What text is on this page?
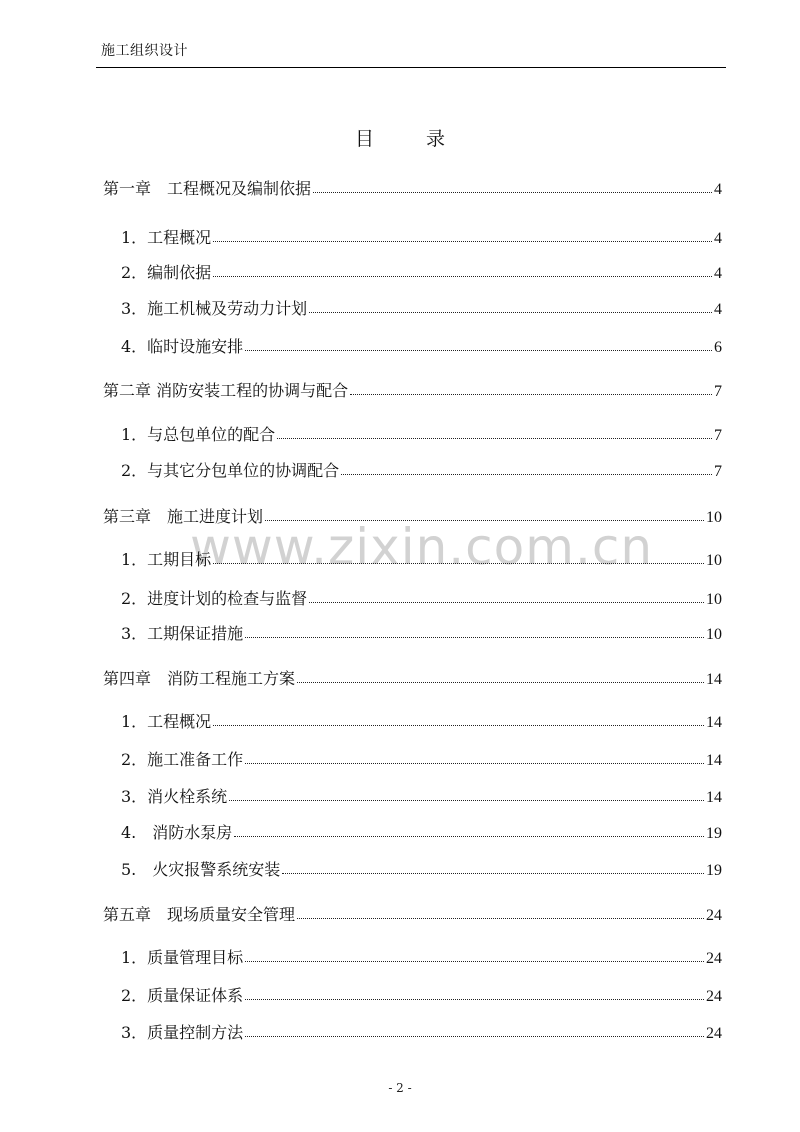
施工组织设计
目	录
www.zixin.com.cn
第一章　工程概况及编制依据	4
1．工程概况	4
2．编制依据	4
3．施工机械及劳动力计划	4
4．临时设施安排	6
第二章 消防安装工程的协调与配合	7
1．与总包单位的配合	7
2．与其它分包单位的协调配合	7
第三章　施工进度计划	10
1．工期目标	10
2．进度计划的检查与监督	10
3．工期保证措施	10
第四章　消防工程施工方案	14
1．工程概况	14
2．施工准备工作	14
3．消火栓系统	14
4.　消防水泵房	19
5.　火灾报警系统安装	19
第五章　现场质量安全管理	24
1．质量管理目标	24
2．质量保证体系	24
3．质量控制方法	24
- 2 -
